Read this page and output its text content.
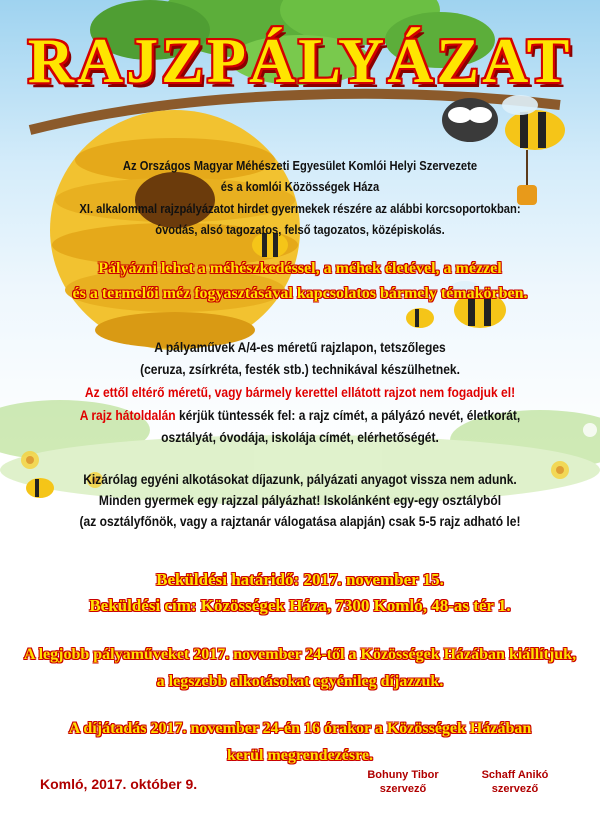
RAJZPÁLYÁZAT

Az Országos Magyar Méhészeti Egyesület Komlói Helyi Szervezete

és a komlói Közösségek Háza

XI. alkalommal rajzpályázatot hirdet gyermekek részére az alábbi korcsoportokban:

óvodás, alsó tagozatos, felső tagozatos, középiskolás.

Pályázni lehet a méhészkedéssel, a méhek életével, a mézzel

és a termelői méz fogyasztásával kapcsolatos bármely témakörben.

A pályaművek A/4-es méretű rajzlapon, tetszőleges

(ceruza, zsírkréta, festék stb.) technikával készülhetnek.

Az ettől eltérő méretű, vagy bármely kerettel ellátott rajzot nem fogadjuk el!

A rajz hátoldalán kérjük tüntessék fel: a rajz címét, a pályázó nevét, életkorát,

osztályát, óvodája, iskolája címét, elérhetőségét.

Kizárólag egyéni alkotásokat díjazunk, pályázati anyagot vissza nem adunk.

Minden gyermek egy rajzzal pályázhat! Iskolánként egy-egy osztályból

(az osztályfőnök, vagy a rajztanár válogatása alapján) csak 5-5 rajz adható le!

Beküldési határidő: 2017. november 15.

Beküldési cím: Közösségek Háza, 7300 Komló, 48-as tér 1.

A legjobb pályaműveket 2017. november 24-től a Közösségek Házában kiállítjuk,

a legszebb alkotásokat egyénileg díjazzuk.

A díjátadás 2017. november 24-én 16 órakor a Közösségek Házában

kerül megrendezésre.

Komló, 2017. október 9.

Bohuny Tibor
szervező
Schaff Anikó
szervező
